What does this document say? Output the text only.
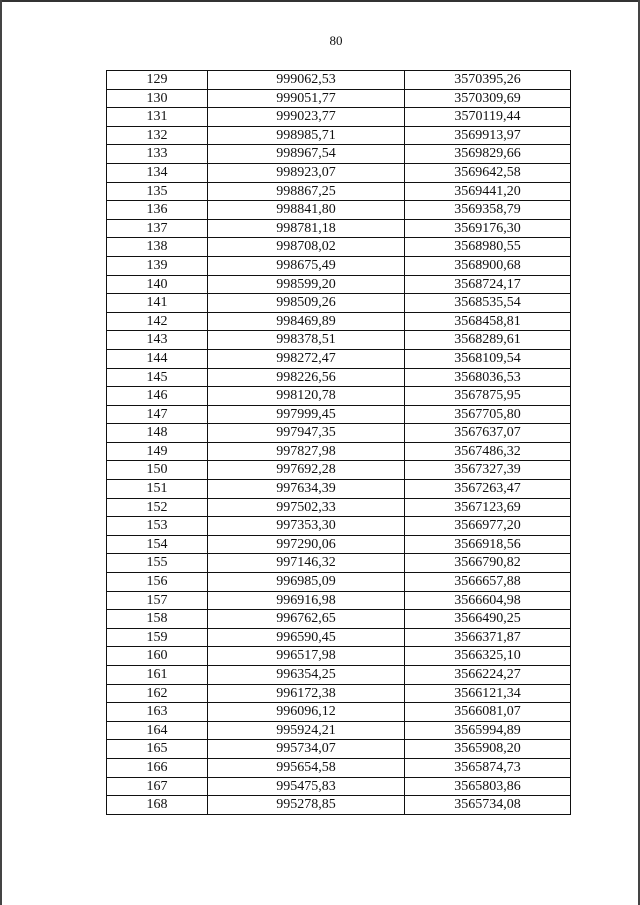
80
129	999062,53	3570395,26
130	999051,77	3570309,69
131	999023,77	3570119,44
132	998985,71	3569913,97
133	998967,54	3569829,66
134	998923,07	3569642,58
135	998867,25	3569441,20
136	998841,80	3569358,79
137	998781,18	3569176,30
138	998708,02	3568980,55
139	998675,49	3568900,68
140	998599,20	3568724,17
141	998509,26	3568535,54
142	998469,89	3568458,81
143	998378,51	3568289,61
144	998272,47	3568109,54
145	998226,56	3568036,53
146	998120,78	3567875,95
147	997999,45	3567705,80
148	997947,35	3567637,07
149	997827,98	3567486,32
150	997692,28	3567327,39
151	997634,39	3567263,47
152	997502,33	3567123,69
153	997353,30	3566977,20
154	997290,06	3566918,56
155	997146,32	3566790,82
156	996985,09	3566657,88
157	996916,98	3566604,98
158	996762,65	3566490,25
159	996590,45	3566371,87
160	996517,98	3566325,10
161	996354,25	3566224,27
162	996172,38	3566121,34
163	996096,12	3566081,07
164	995924,21	3565994,89
165	995734,07	3565908,20
166	995654,58	3565874,73
167	995475,83	3565803,86
168	995278,85	3565734,08
